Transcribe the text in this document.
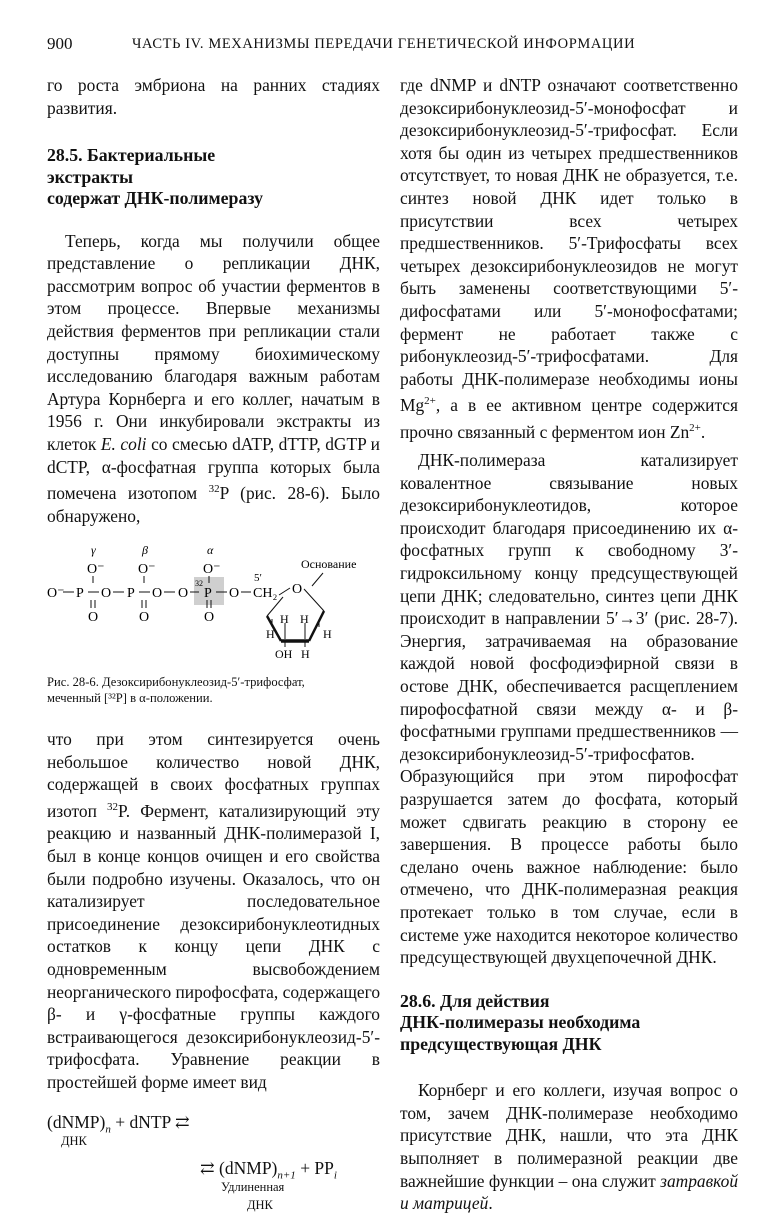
900	ЧАСТЬ IV. МЕХАНИЗМЫ ПЕРЕДАЧИ ГЕНЕТИЧЕСКОЙ ИНФОРМАЦИИ

го роста эмбриона на ранних стадиях развития.

28.5. Бактериальные
экстракты
содержат ДНК-полимеразу

Теперь, когда мы получили общее представление о репликации ДНК, рассмотрим вопрос об участии ферментов в этом процессе. Впервые механизмы действия ферментов при репликации стали доступны прямому биохимическому исследованию благодаря важным работам Артура Корнберга и его коллег, начатым в 1956 г. Они инкубировали экстракты из клеток E. coli со смесью dATP, dTTP, dGTP и dCTP, α-фосфатная группа которых была помечена изотопом $^{32}$P (рис. 28-6). Было обнаружено,

γ	β	α
O⁻ O⁻	O⁻
O⁻ P O P O O
32
P O
5′
CH₂
O	O	O
O
Основание
H	H
H H
OH H

Рис. 28-6. Дезоксирибонуклеозид-5′-трифосфат,
меченный [³²P] в α-положении.

что при этом синтезируется очень небольшое количество новой ДНК, содержащей в своих фосфатных группах изотоп $^{32}$P. Фермент, катализирующий эту реакцию и названный ДНК-полимеразой I, был в конце концов очищен и его свойства были подробно изучены. Оказалось, что он катализирует последовательное присоединение дезоксирибонуклеотидных остатков к концу цепи ДНК с одновременным высвобождением неорганического пирофосфата, содержащего β- и γ-фосфатные группы каждого встраивающегося дезоксирибонуклеозид-5′-трифосфата. Уравнение реакции в простейшей форме имеет вид

$(dNMP)_n$ + dNTP ⇄
ДНК
⇄ $(dNMP)_{n+1} + PP_i$
Удлиненная
ДНК

где dNMP и dNTP означают соответственно дезоксирибонуклеозид-5′-монофосфат и дезоксирибонуклеозид-5′-трифосфат. Если хотя бы один из четырех предшественников отсутствует, то новая ДНК не образуется, т.е. синтез новой ДНК идет только в присутствии всех четырех предшественников. 5′-Трифосфаты всех четырех дезоксирибонуклеозидов не могут быть заменены соответствующими 5′-дифосфатами или 5′-монофосфатами; фермент не работает также с рибонуклеозид-5′-трифосфатами. Для работы ДНК-полимеразе необходимы ионы $Mg^{2+}$, а в ее активном центре содержится прочно связанный с ферментом ион $Zn^{2+}$.

ДНК-полимераза катализирует ковалентное связывание новых дезоксирибонуклеотидов, которое происходит благодаря присоединению их α-фосфатных групп к свободному 3′-гидроксильному концу предсуществующей цепи ДНК; следовательно, синтез цепи ДНК происходит в направлении 5′→3′ (рис. 28-7). Энергия, затрачиваемая на образование каждой новой фосфодиэфирной связи в остове ДНК, обеспечивается расщеплением пирофосфатной связи между α- и β-фосфатными группами предшественников — дезоксирибонуклеозид-5′-трифосфатов. Образующийся при этом пирофосфат разрушается затем до фосфата, который может сдвигать реакцию в сторону ее завершения. В процессе работы было сделано очень важное наблюдение: было отмечено, что ДНК-полимеразная реакция протекает только в том случае, если в системе уже находится некоторое количество предсуществующей двухцепочечной ДНК.

28.6. Для действия
ДНК-полимеразы необходима
предсуществующая ДНК

Корнберг и его коллеги, изучая вопрос о том, зачем ДНК-полимеразе необходимо присутствие ДНК, нашли, что эта ДНК выполняет в полимеразной реакции две важнейшие функции – она служит затравкой и матрицей.
